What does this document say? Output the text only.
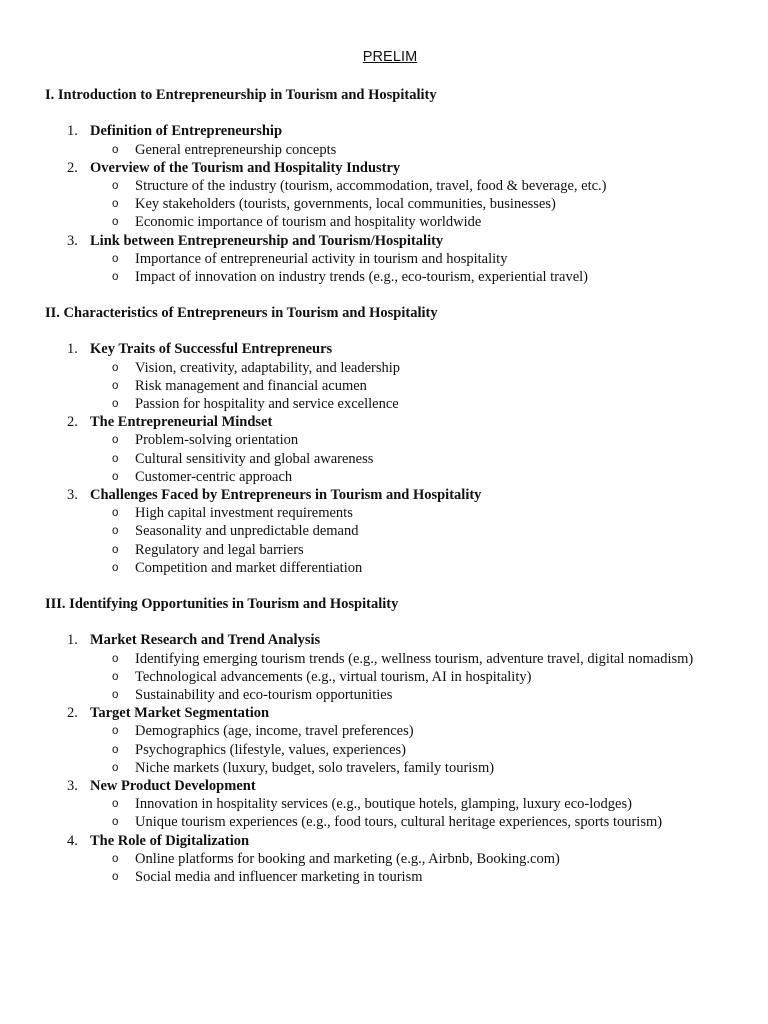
PRELIM
I. Introduction to Entrepreneurship in Tourism and Hospitality
1. Definition of Entrepreneurship
o General entrepreneurship concepts
2. Overview of the Tourism and Hospitality Industry
o Structure of the industry (tourism, accommodation, travel, food & beverage, etc.)
o Key stakeholders (tourists, governments, local communities, businesses)
o Economic importance of tourism and hospitality worldwide
3. Link between Entrepreneurship and Tourism/Hospitality
o Importance of entrepreneurial activity in tourism and hospitality
o Impact of innovation on industry trends (e.g., eco-tourism, experiential travel)
II. Characteristics of Entrepreneurs in Tourism and Hospitality
1. Key Traits of Successful Entrepreneurs
o Vision, creativity, adaptability, and leadership
o Risk management and financial acumen
o Passion for hospitality and service excellence
2. The Entrepreneurial Mindset
o Problem-solving orientation
o Cultural sensitivity and global awareness
o Customer-centric approach
3. Challenges Faced by Entrepreneurs in Tourism and Hospitality
o High capital investment requirements
o Seasonality and unpredictable demand
o Regulatory and legal barriers
o Competition and market differentiation
III. Identifying Opportunities in Tourism and Hospitality
1. Market Research and Trend Analysis
o Identifying emerging tourism trends (e.g., wellness tourism, adventure travel, digital nomadism)
o Technological advancements (e.g., virtual tourism, AI in hospitality)
o Sustainability and eco-tourism opportunities
2. Target Market Segmentation
o Demographics (age, income, travel preferences)
o Psychographics (lifestyle, values, experiences)
o Niche markets (luxury, budget, solo travelers, family tourism)
3. New Product Development
o Innovation in hospitality services (e.g., boutique hotels, glamping, luxury eco-lodges)
o Unique tourism experiences (e.g., food tours, cultural heritage experiences, sports tourism)
4. The Role of Digitalization
o Online platforms for booking and marketing (e.g., Airbnb, Booking.com)
o Social media and influencer marketing in tourism
